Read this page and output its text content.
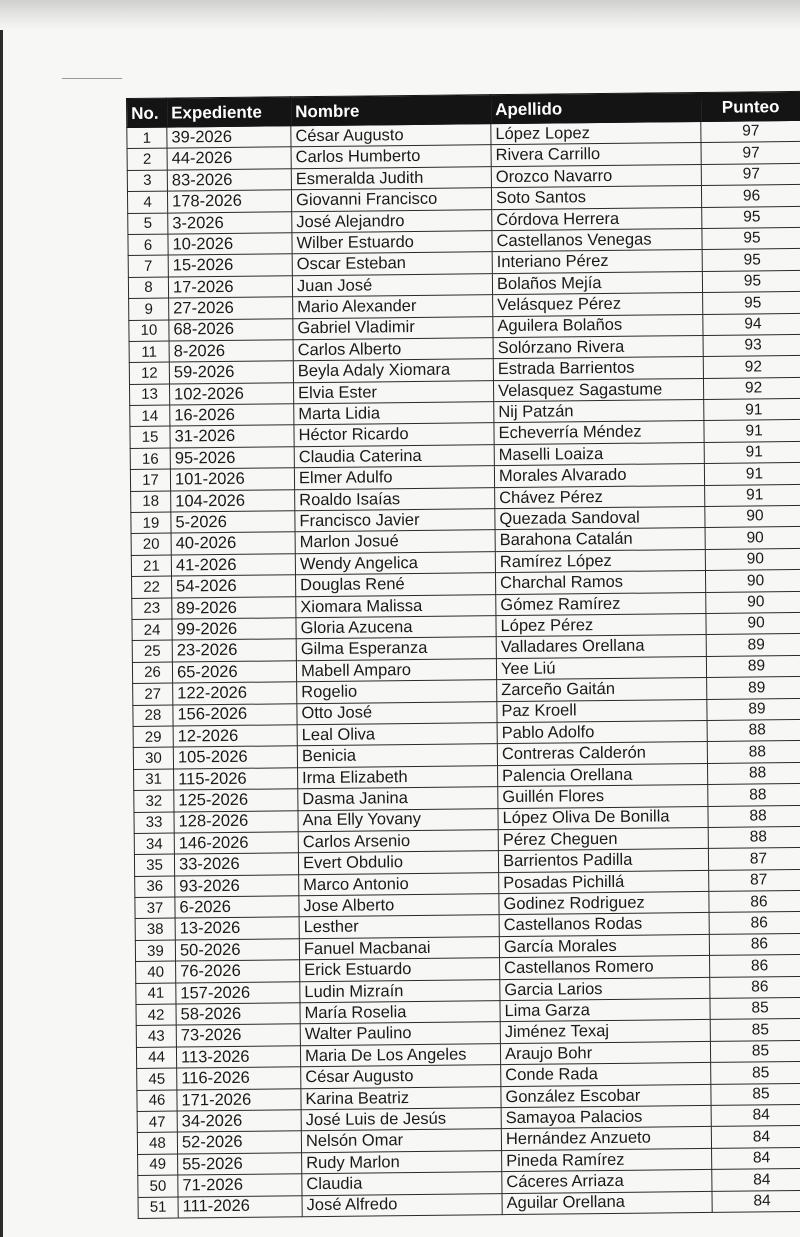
No.	Expediente	Nombre	Apellido	Punteo
1	39-2026	César Augusto	López Lopez	97
2	44-2026	Carlos Humberto	Rivera Carrillo	97
3	83-2026	Esmeralda Judith	Orozco Navarro	97
4	178-2026	Giovanni Francisco	Soto Santos	96
5	3-2026	José Alejandro	Córdova Herrera	95
6	10-2026	Wilber Estuardo	Castellanos Venegas	95
7	15-2026	Oscar Esteban	Interiano Pérez	95
8	17-2026	Juan José	Bolaños Mejía	95
9	27-2026	Mario Alexander	Velásquez Pérez	95
10	68-2026	Gabriel Vladimir	Aguilera Bolaños	94
11	8-2026	Carlos Alberto	Solórzano Rivera	93
12	59-2026	Beyla Adaly Xiomara	Estrada Barrientos	92
13	102-2026	Elvia Ester	Velasquez Sagastume	92
14	16-2026	Marta Lidia	Nij Patzán	91
15	31-2026	Héctor Ricardo	Echeverría Méndez	91
16	95-2026	Claudia Caterina	Maselli Loaiza	91
17	101-2026	Elmer Adulfo	Morales Alvarado	91
18	104-2026	Roaldo Isaías	Chávez Pérez	91
19	5-2026	Francisco Javier	Quezada Sandoval	90
20	40-2026	Marlon Josué	Barahona Catalán	90
21	41-2026	Wendy Angelica	Ramírez López	90
22	54-2026	Douglas René	Charchal Ramos	90
23	89-2026	Xiomara Malissa	Gómez Ramírez	90
24	99-2026	Gloria Azucena	López Pérez	90
25	23-2026	Gilma Esperanza	Valladares Orellana	89
26	65-2026	Mabell Amparo	Yee Liú	89
27	122-2026	Rogelio	Zarceño Gaitán	89
28	156-2026	Otto José	Paz Kroell	89
29	12-2026	Leal Oliva	Pablo Adolfo	88
30	105-2026	Benicia	Contreras Calderón	88
31	115-2026	Irma Elizabeth	Palencia Orellana	88
32	125-2026	Dasma Janina	Guillén Flores	88
33	128-2026	Ana Elly Yovany	López Oliva De Bonilla	88
34	146-2026	Carlos Arsenio	Pérez Cheguen	88
35	33-2026	Evert Obdulio	Barrientos Padilla	87
36	93-2026	Marco Antonio	Posadas Pichillá	87
37	6-2026	Jose Alberto	Godinez Rodriguez	86
38	13-2026	Lesther	Castellanos Rodas	86
39	50-2026	Fanuel Macbanai	García Morales	86
40	76-2026	Erick Estuardo	Castellanos Romero	86
41	157-2026	Ludin Mizraín	Garcia Larios	86
42	58-2026	María Roselia	Lima Garza	85
43	73-2026	Walter Paulino	Jiménez Texaj	85
44	113-2026	Maria De Los Angeles	Araujo Bohr	85
45	116-2026	César Augusto	Conde Rada	85
46	171-2026	Karina Beatriz	González Escobar	85
47	34-2026	José Luis de Jesús	Samayoa Palacios	84
48	52-2026	Nelsón Omar	Hernández Anzueto	84
49	55-2026	Rudy Marlon	Pineda Ramírez	84
50	71-2026	Claudia	Cáceres Arriaza	84
51	111-2026	José Alfredo	Aguilar Orellana	84
